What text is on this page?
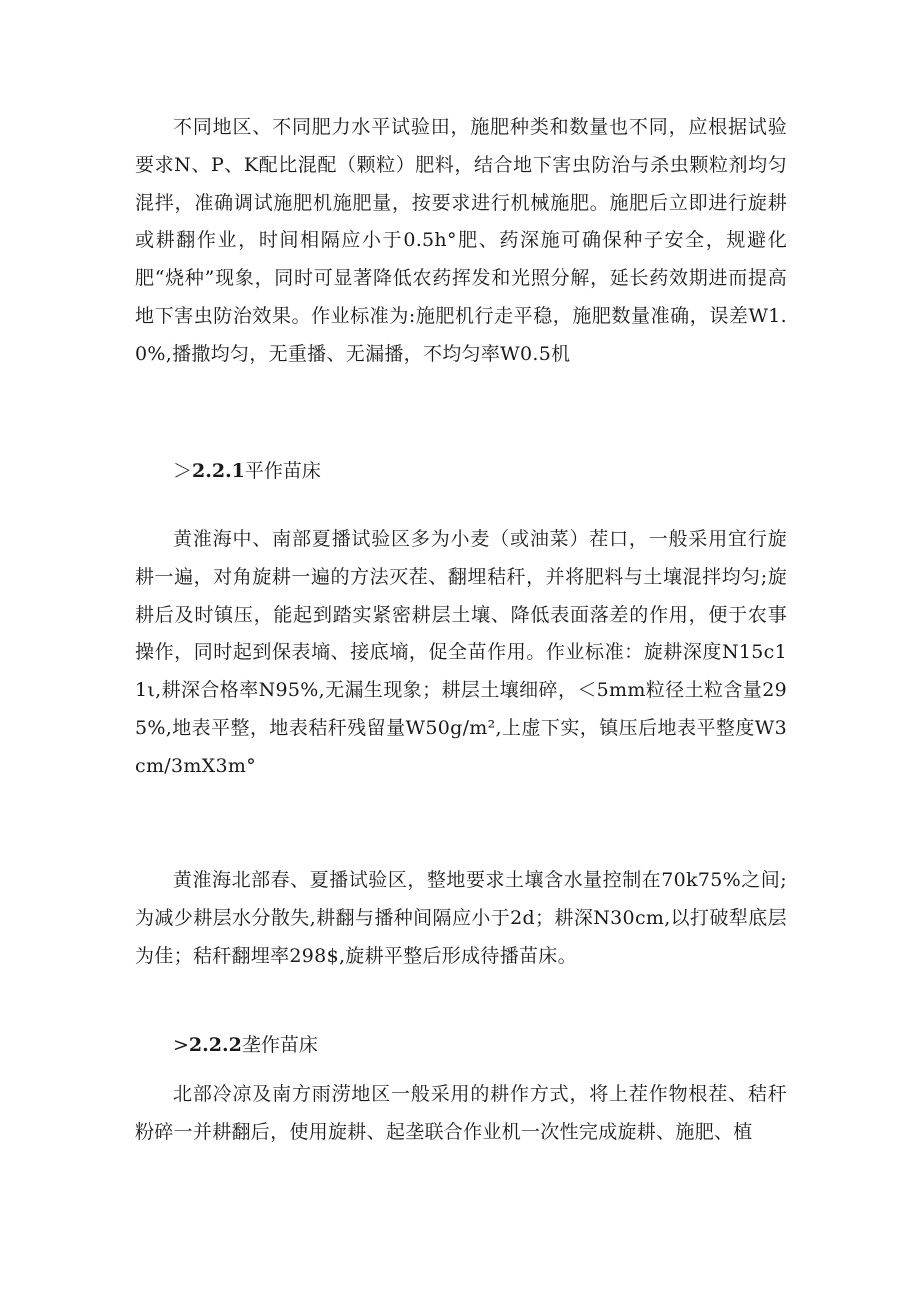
不同地区、不同肥力水平试验田，施肥种类和数量也不同，应根据试验要求N、P、K配比混配（颗粒）肥料，结合地下害虫防治与杀虫颗粒剂均匀混拌，准确调试施肥机施肥量，按要求进行机械施肥。施肥后立即进行旋耕或耕翻作业，时间相隔应小于0.5h°肥、药深施可确保种子安全，规避化肥“烧种”现象，同时可显著降低农药挥发和光照分解，延长药效期进而提高地下害虫防治效果。作业标准为:施肥机行走平稳，施肥数量准确，误差W1.0%,播撒均匀，无重播、无漏播，不均匀率W0.5机

＞2.2.1平作苗床

黄淮海中、南部夏播试验区多为小麦（或油菜）茬口，一般采用宜行旋耕一遍，对角旋耕一遍的方法灭茬、翻埋秸秆，并将肥料与土壤混拌均匀;旋耕后及时镇压，能起到踏实紧密耕层土壤、降低表面落差的作用，便于农事操作，同时起到保表墒、接底墒，促全苗作用。作业标准：旋耕深度N15c11ι,耕深合格率N95%,无漏生现象；耕层土壤细碎，＜5mm粒径土粒含量295%,地表平整，地表秸秆残留量W50g∕m²,上虚下实，镇压后地表平整度W3cm∕3mX3m°

黄淮海北部春、夏播试验区，整地要求土壤含水量控制在70k75%之间;为减少耕层水分散失,耕翻与播种间隔应小于2d；耕深N30cm,以打破犁底层为佳；秸秆翻埋率298$,旋耕平整后形成待播苗床。

>2.2.2垄作苗床

北部冷凉及南方雨涝地区一般采用的耕作方式，将上茬作物根茬、秸秆粉碎一并耕翻后，使用旋耕、起垄联合作业机一次性完成旋耕、施肥、植
